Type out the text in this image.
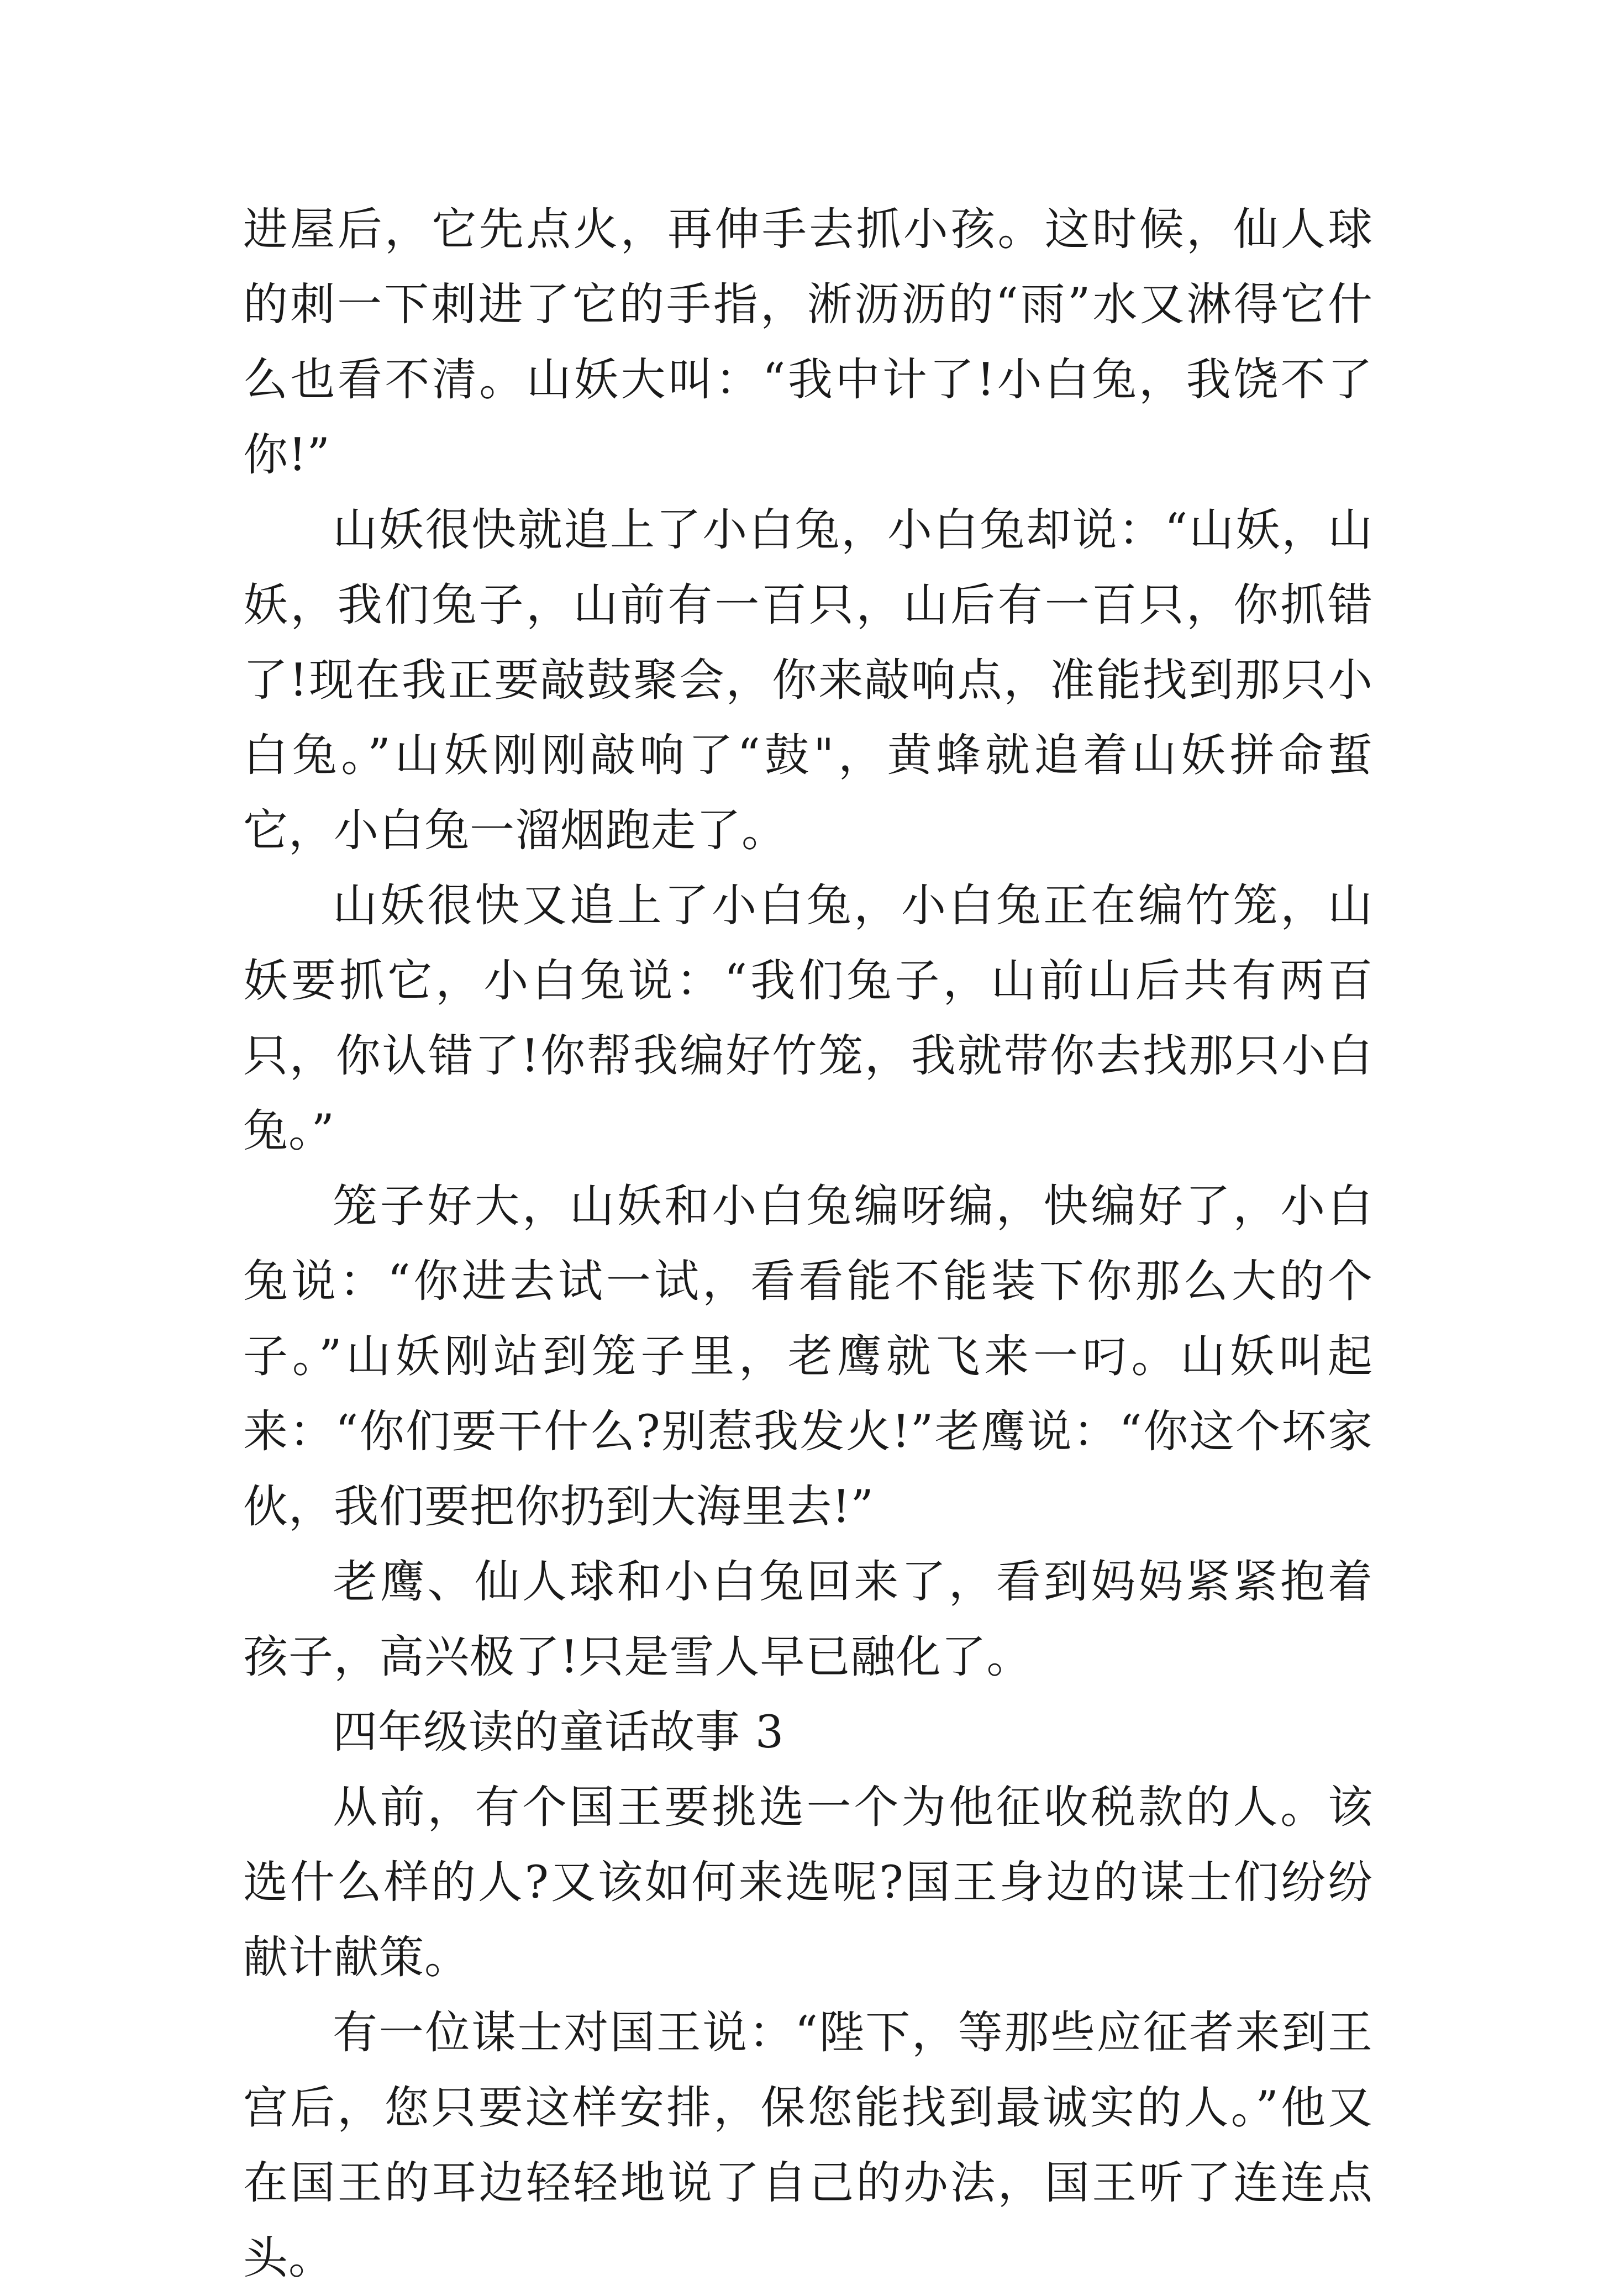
进屋后，它先点火，再伸手去抓小孩。这时候，仙人球的刺一下刺进了它的手指，淅沥沥的“雨”水又淋得它什么也看不清。山妖大叫：“我中计了!小白兔，我饶不了你!”

山妖很快就追上了小白兔，小白兔却说：“山妖，山妖，我们兔子，山前有一百只，山后有一百只，你抓错了!现在我正要敲鼓聚会，你来敲响点，准能找到那只小白兔。”山妖刚刚敲响了“鼓"，黄蜂就追着山妖拼命蜇它，小白兔一溜烟跑走了。

山妖很快又追上了小白兔，小白兔正在编竹笼，山妖要抓它，小白兔说：“我们兔子，山前山后共有两百只，你认错了!你帮我编好竹笼，我就带你去找那只小白兔。”

笼子好大，山妖和小白兔编呀编，快编好了，小白兔说：“你进去试一试，看看能不能装下你那么大的个子。”山妖刚站到笼子里，老鹰就飞来一叼。山妖叫起来：“你们要干什么?别惹我发火!”老鹰说：“你这个坏家伙，我们要把你扔到大海里去!”

老鹰、仙人球和小白兔回来了，看到妈妈紧紧抱着孩子，高兴极了!只是雪人早已融化了。

四年级读的童话故事 3

从前，有个国王要挑选一个为他征收税款的人。该选什么样的人?又该如何来选呢?国王身边的谋士们纷纷献计献策。

有一位谋士对国王说：“陛下，等那些应征者来到王宫后，您只要这样安排，保您能找到最诚实的人。”他又在国王的耳边轻轻地说了自己的办法，国王听了连连点头。
